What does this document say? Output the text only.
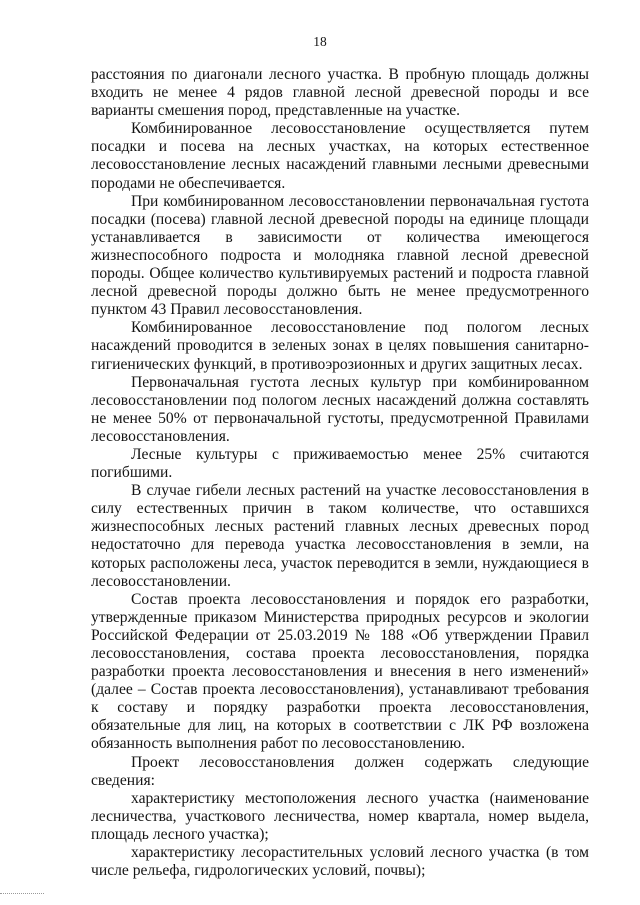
18

расстояния по диагонали лесного участка. В пробную площадь должны входить не менее 4 рядов главной лесной древесной породы и все варианты смешения пород, представленные на участке.

Комбинированное лесовосстановление осуществляется путем посадки и посева на лесных участках, на которых естественное лесовосстановление лесных насаждений главными лесными древесными породами не обеспечивается.

При комбинированном лесовосстановлении первоначальная густота посадки (посева) главной лесной древесной породы на единице площади устанавливается в зависимости от количества имеющегося жизнеспособного подроста и молодняка главной лесной древесной породы. Общее количество культивируемых растений и подроста главной лесной древесной породы должно быть не менее предусмотренного пунктом 43 Правил лесовосстановления.

Комбинированное лесовосстановление под пологом лесных насаждений проводится в зеленых зонах в целях повышения санитарно-гигиенических функций, в противоэрозионных и других защитных лесах.

Первоначальная густота лесных культур при комбинированном лесовосстановлении под пологом лесных насаждений должна составлять не менее 50% от первоначальной густоты, предусмотренной Правилами лесовосстановления.

Лесные культуры с приживаемостью менее 25% считаются погибшими.

В случае гибели лесных растений на участке лесовосстановления в силу естественных причин в таком количестве, что оставшихся жизнеспособных лесных растений главных лесных древесных пород недостаточно для перевода участка лесовосстановления в земли, на которых расположены леса, участок переводится в земли, нуждающиеся в лесовосстановлении.

Состав проекта лесовосстановления и порядок его разработки, утвержденные приказом Министерства природных ресурсов и экологии Российской Федерации от 25.03.2019 № 188 «Об утверждении Правил лесовосстановления, состава проекта лесовосстановления, порядка разработки проекта лесовосстановления и внесения в него изменений» (далее – Состав проекта лесовосстановления), устанавливают требования к составу и порядку разработки проекта лесовосстановления, обязательные для лиц, на которых в соответствии с ЛК РФ возложена обязанность выполнения работ по лесовосстановлению.

Проект лесовосстановления должен содержать следующие сведения:

характеристику местоположения лесного участка (наименование лесничества, участкового лесничества, номер квартала, номер выдела, площадь лесного участка);

характеристику лесорастительных условий лесного участка (в том числе рельефа, гидрологических условий, почвы);
